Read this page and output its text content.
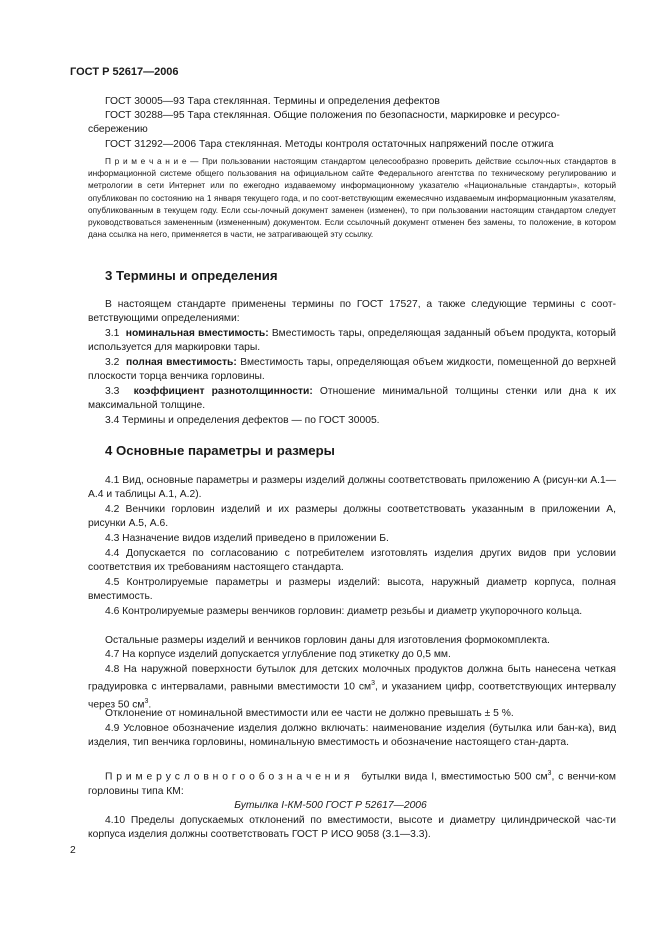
ГОСТ Р 52617—2006
ГОСТ 30005—93 Тара стеклянная. Термины и определения дефектов
ГОСТ 30288—95 Тара стеклянная. Общие положения по безопасности, маркировке и ресурсо-
сбережению
ГОСТ 31292—2006 Тара стеклянная. Методы контроля остаточных напряжений после отжига
П р и м е ч а н и е — При пользовании настоящим стандартом целесообразно проверить действие ссылоч-ных стандартов в информационной системе общего пользования на официальном сайте Федерального агентства по техническому регулированию и метрологии в сети Интернет или по ежегодно издаваемому информационному указателю «Национальные стандарты», который опубликован по состоянию на 1 января текущего года, и по соот-ветствующим ежемесячно издаваемым информационным указателям, опубликованным в текущем году. Если ссы-лочный документ заменен (изменен), то при пользовании настоящим стандартом следует руководствоваться замененным (измененным) документом. Если ссылочный документ отменен без замены, то положение, в котором дана ссылка на него, применяется в части, не затрагивающей эту ссылку.
3 Термины и определения
В настоящем стандарте применены термины по ГОСТ 17527, а также следующие термины с соот-ветствующими определениями:
3.1 номинальная вместимость: Вместимость тары, определяющая заданный объем продукта, который используется для маркировки тары.
3.2 полная вместимость: Вместимость тары, определяющая объем жидкости, помещенной до верхней плоскости торца венчика горловины.
3.3 коэффициент разнотолщинности: Отношение минимальной толщины стенки или дна к их максимальной толщине.
3.4 Термины и определения дефектов — по ГОСТ 30005.
4 Основные параметры и размеры
4.1 Вид, основные параметры и размеры изделий должны соответствовать приложению А (рисун-ки А.1—А.4 и таблицы А.1, А.2).
4.2 Венчики горловин изделий и их размеры должны соответствовать указанным в приложении А, рисунки А.5, А.6.
4.3 Назначение видов изделий приведено в приложении Б.
4.4 Допускается по согласованию с потребителем изготовлять изделия других видов при условии соответствия их требованиям настоящего стандарта.
4.5 Контролируемые параметры и размеры изделий: высота, наружный диаметр корпуса, полная вместимость.
4.6 Контролируемые размеры венчиков горловин: диаметр резьбы и диаметр укупорочного кольца.
Остальные размеры изделий и венчиков горловин даны для изготовления формокомплекта.
4.7 На корпусе изделий допускается углубление под этикетку до 0,5 мм.
4.8 На наружной поверхности бутылок для детских молочных продуктов должна быть нанесена четкая градуировка с интервалами, равными вместимости 10 $см^3$, и указанием цифр, соответствующих интервалу через 50 $см^3$.
Отклонение от номинальной вместимости или ее части не должно превышать ± 5 %.
4.9 Условное обозначение изделия должно включать: наименование изделия (бутылка или бан-ка), вид изделия, тип венчика горловины, номинальную вместимость и обозначение настоящего стан-дарта.
П р и м е р у с л о в н о г о о б о з н а ч е н и я бутылки вида I, вместимостью 500 $см^3$, с венчи-ком горловины типа КМ:
Бутылка I-КМ-500 ГОСТ Р 52617—2006
4.10 Пределы допускаемых отклонений по вместимости, высоте и диаметру цилиндрической час-ти корпуса изделия должны соответствовать ГОСТ Р ИСО 9058 (3.1—3.3).
2
